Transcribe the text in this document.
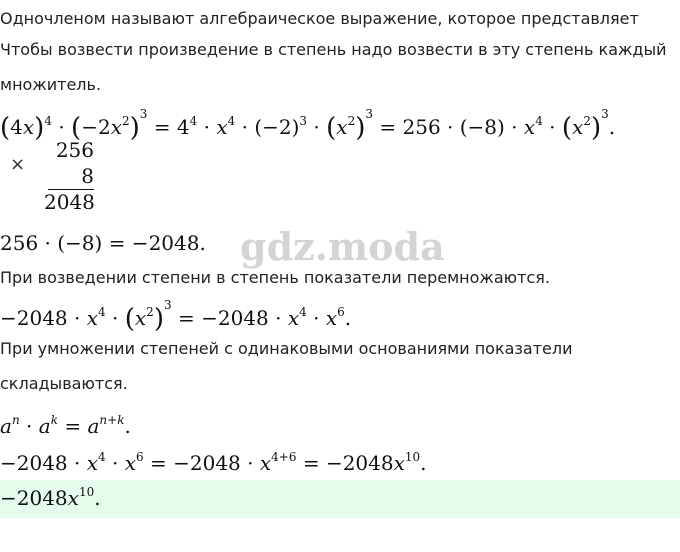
Одночленом называют алгебраическое выражение, которое представляет

Чтобы возвести произведение в степень надо возвести в эту степень каждый

множитель.

$(4x)^4 \cdot (-2x^2)^3 = 4^4 \cdot x^4 \cdot (-2)^3 \cdot (x^2)^3 = 256 \cdot (-8) \cdot x^4 \cdot (x^2)^3$.
×
256
8
2048
256 · (−8) = −2048. gdz.moda

При возведении степени в степень показатели перемножаются.

$-2048 \cdot x^4 \cdot (x^2)^3 = -2048 \cdot x^4 \cdot x^6$.

При умножении степеней с одинаковыми основаниями показатели

складываются.

$a^n \cdot a^k = a^{n+k}$.
$-2048 \cdot x^4 \cdot x^6 = -2048 \cdot x^{4+6} = -2048x^{10}$.
$-2048x^{10}$.
